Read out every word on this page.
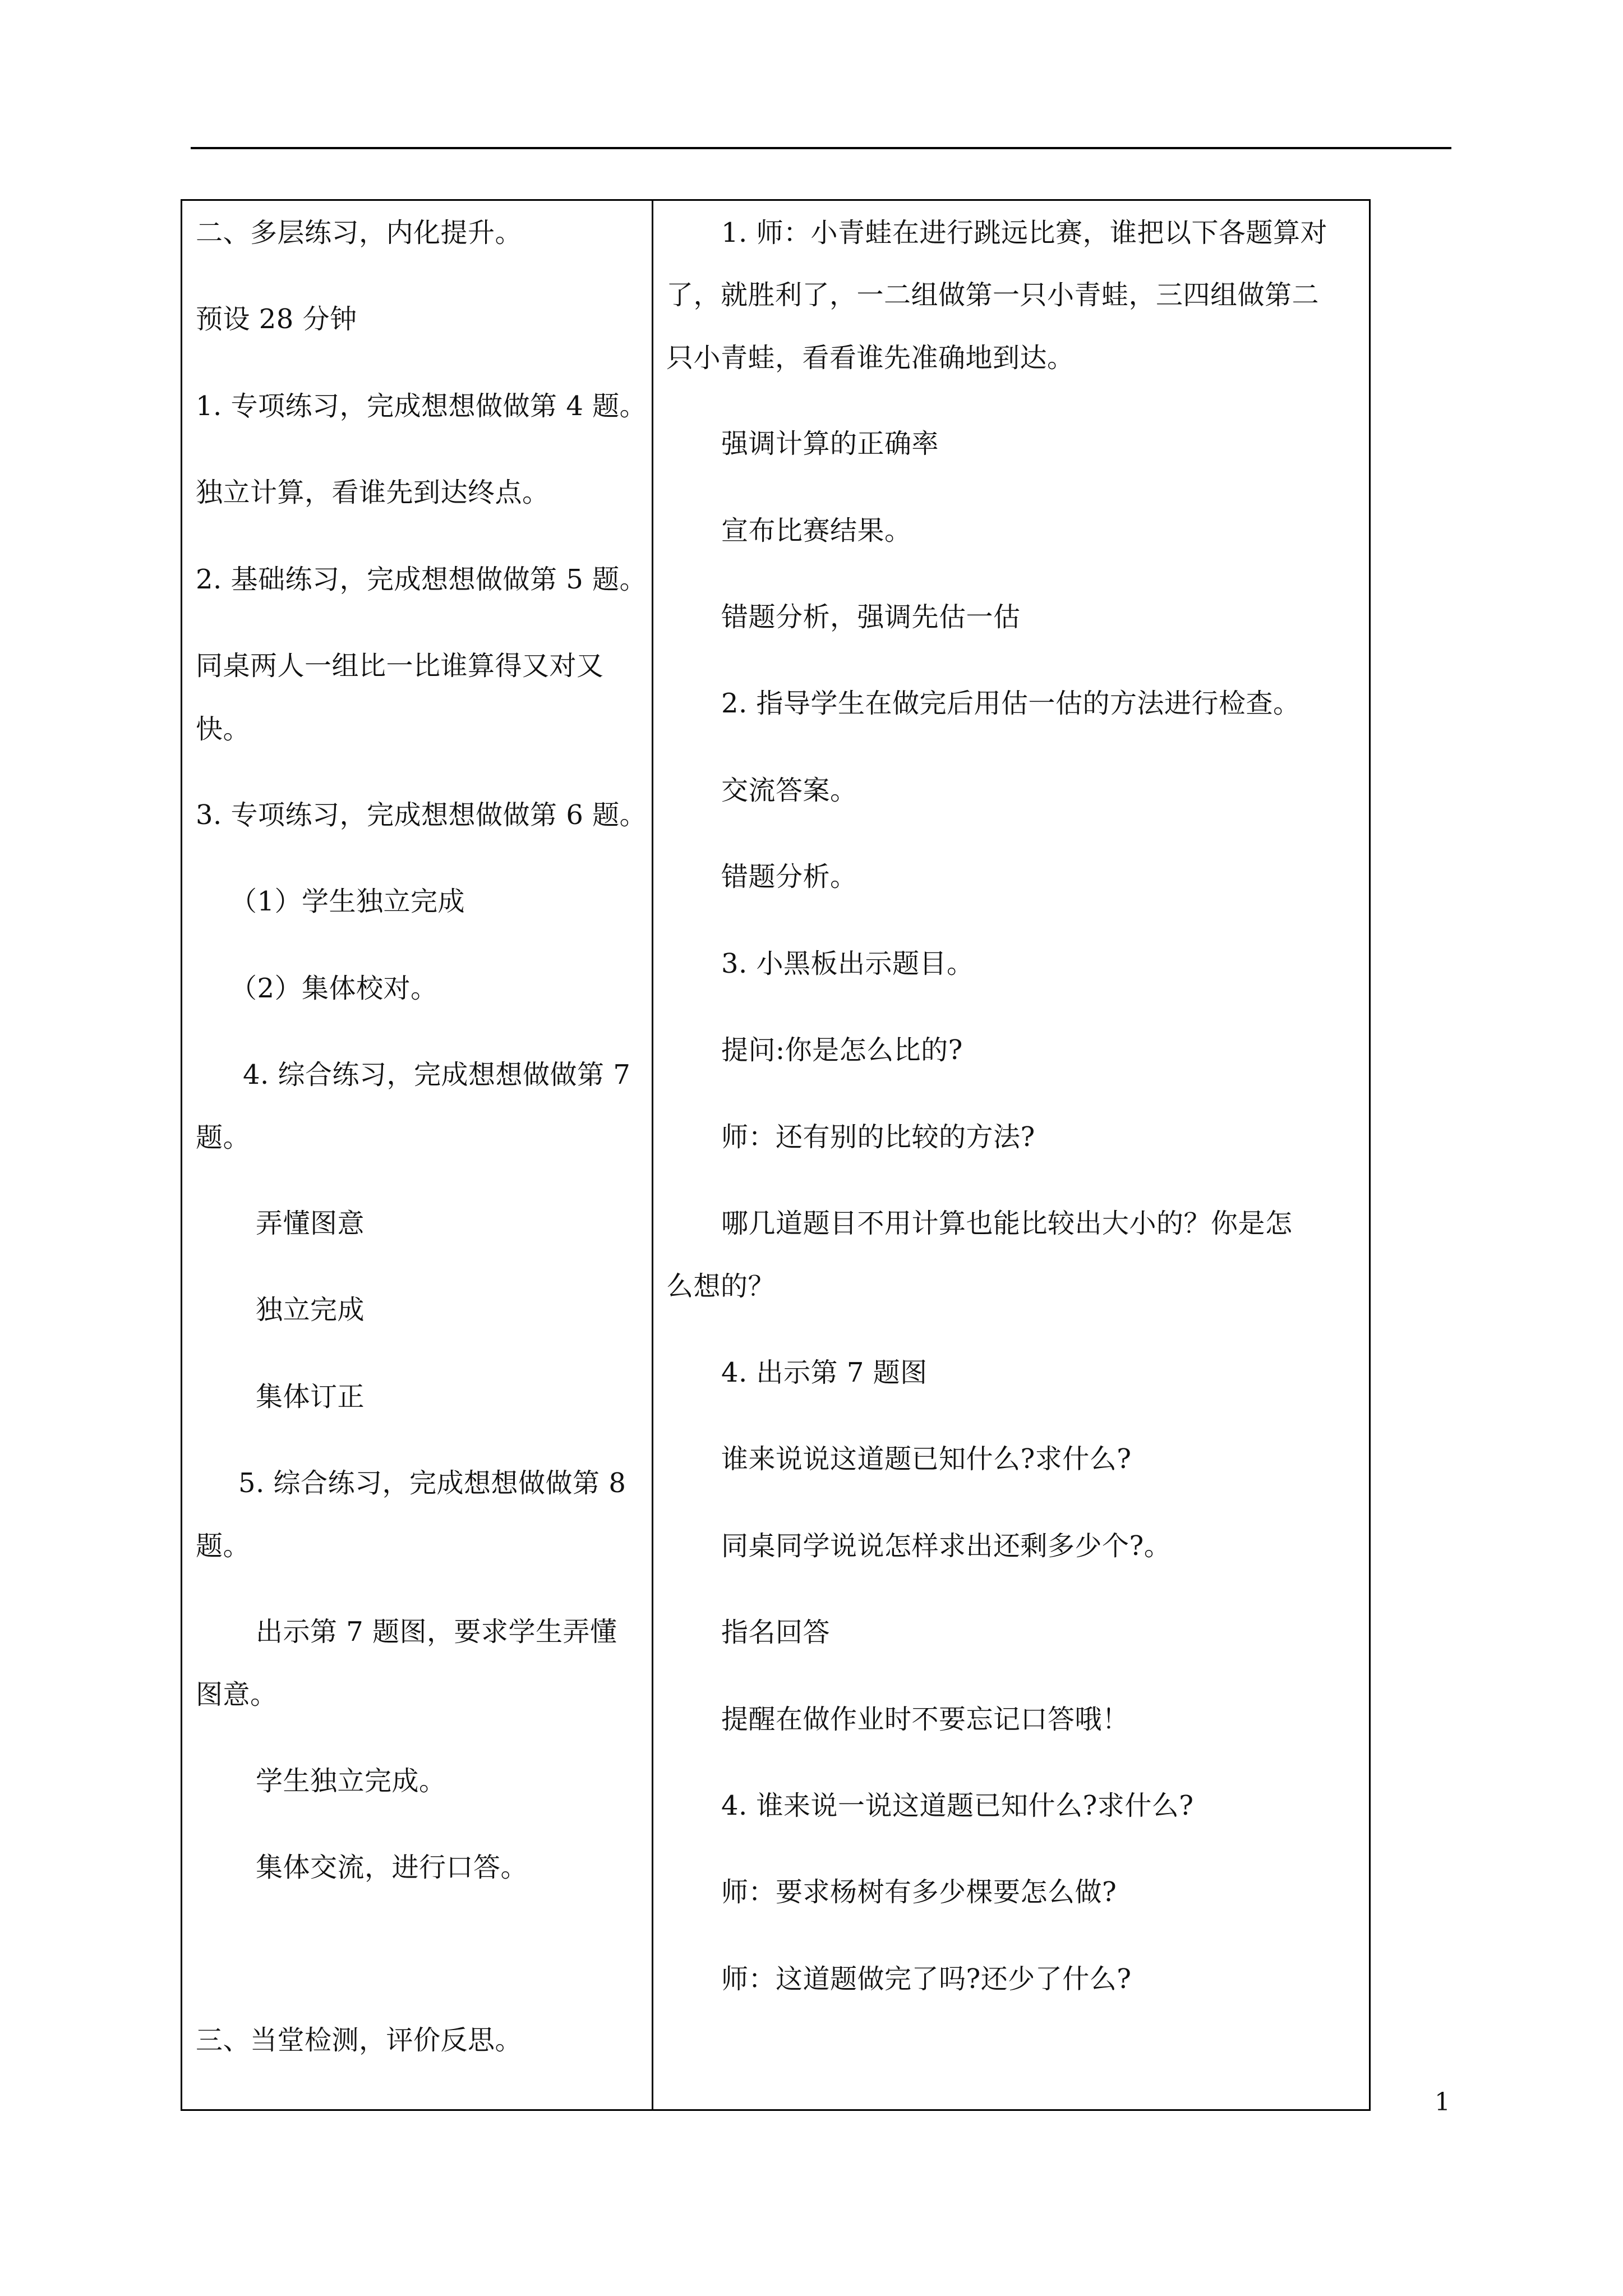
二、多层练习，内化提升。

预设 28 分钟

1. 专项练习，完成想想做做第 4 题。

独立计算，看谁先到达终点。

2. 基础练习，完成想想做做第 5 题。

同桌两人一组比一比谁算得又对又

快。

3. 专项练习，完成想想做做第 6 题。

（1）学生独立完成

（2）集体校对。

4. 综合练习，完成想想做做第 7

题。

弄懂图意

独立完成

集体订正

5. 综合练习，完成想想做做第 8

题。

出示第 7 题图，要求学生弄懂

图意。

学生独立完成。

集体交流，进行口答。

三、当堂检测，评价反思。

1. 师：小青蛙在进行跳远比赛，谁把以下各题算对

了，就胜利了，一二组做第一只小青蛙，三四组做第二

只小青蛙，看看谁先准确地到达。

强调计算的正确率

宣布比赛结果。

错题分析，强调先估一估

2. 指导学生在做完后用估一估的方法进行检查。

交流答案。

错题分析。

3. 小黑板出示题目。

提问:你是怎么比的?

师：还有别的比较的方法?

哪几道题目不用计算也能比较出大小的？你是怎

么想的？

4. 出示第 7 题图

谁来说说这道题已知什么?求什么?

同桌同学说说怎样求出还剩多少个?。

指名回答

提醒在做作业时不要忘记口答哦！

4. 谁来说一说这道题已知什么?求什么?

师：要求杨树有多少棵要怎么做?

师：这道题做完了吗?还少了什么?

1
